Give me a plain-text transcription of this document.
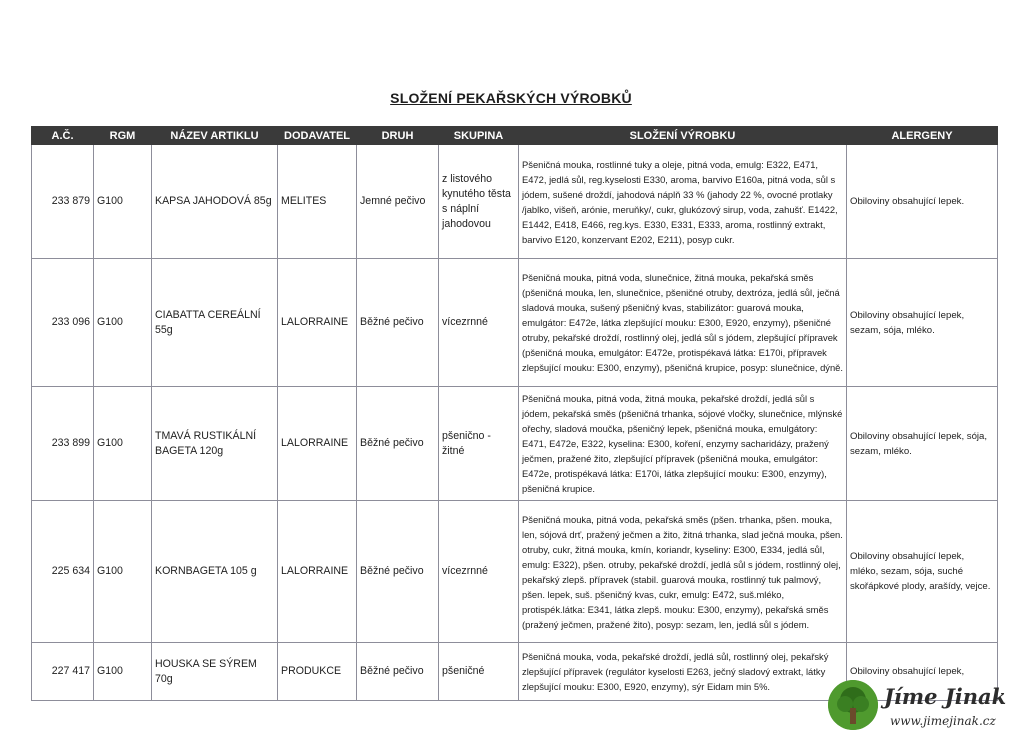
SLOŽENÍ PEKAŘSKÝCH VÝROBKŮ
A.Č.	RGM	NÁZEV ARTIKLU	DODAVATEL	DRUH	SKUPINA	SLOŽENÍ VÝROBKU	ALERGENY
233 879	G100	KAPSA JAHODOVÁ 85g	MELITES	Jemné pečivo	z listového kynutého těsta s náplní jahodovou	Pšeničná mouka, rostlinné tuky a oleje, pitná voda, emulg: E322, E471, E472, jedlá sůl, reg.kyselosti E330, aroma, barvivo E160a, pitná voda, sůl s jódem, sušené droždí, jahodová náplň 33 % (jahody 22 %, ovocné protlaky /jablko, višeň, arónie, meruňky/, cukr, glukózový sirup, voda, zahušť. E1422, E1442, E418, E466, reg.kys. E330, E331, E333, aroma, rostlinný extrakt, barvivo E120, konzervant E202, E211), posyp cukr.	Obiloviny obsahující lepek.
233 096	G100	CIABATTA CEREÁLNÍ 55g	LALORRAINE	Běžné pečivo	vícezrnné	Pšeničná mouka, pitná voda, slunečnice, žitná mouka, pekařská směs (pšeničná mouka, len, slunečnice, pšeničné otruby, dextróza, jedlá sůl, ječná sladová mouka, sušený pšeničný kvas, stabilizátor: guarová mouka, emulgátor: E472e, látka zlepšující mouku: E300, E920, enzymy), pšeničné otruby, pekařské droždí, rostlinný olej, jedlá sůl s jódem, zlepšující přípravek (pšeničná mouka, emulgátor: E472e, protispékavá látka: E170i, přípravek zlepšující mouku: E300, enzymy), pšeničná krupice, posyp: slunečnice, dýně.	Obiloviny obsahující lepek, sezam, sója, mléko.
233 899	G100	TMAVÁ RUSTIKÁLNÍ BAGETA 120g	LALORRAINE	Běžné pečivo	pšenično - žitné	Pšeničná mouka, pitná voda, žitná mouka, pekařské droždí, jedlá sůl s jódem, pekařská směs (pšeničná trhanka, sójové vločky, slunečnice, mlýnské ořechy, sladová moučka, pšeničný lepek, pšeničná mouka, emulgátory: E471, E472e, E322, kyselina: E300, koření, enzymy sacharidázy, pražený ječmen, pražené žito, zlepšující přípravek (pšeničná mouka, emulgátor: E472e, protispékavá látka: E170i, látka zlepšující mouku: E300, enzymy), pšeničná krupice.	Obiloviny obsahující lepek, sója, sezam, mléko.
225 634	G100	KORNBAGETA 105 g	LALORRAINE	Běžné pečivo	vícezrnné	Pšeničná mouka, pitná voda, pekařská směs (pšen. trhanka, pšen. mouka, len, sójová drť, pražený ječmen a žito, žitná trhanka, slad ječná mouka, pšen. otruby, cukr, žitná mouka, kmín, koriandr, kyseliny: E300, E334, jedlá sůl, emulg: E322), pšen. otruby, pekařské droždí, jedlá sůl s jódem, rostlinný olej, pekařský zlepš. přípravek (stabil. guarová mouka, rostlinný tuk palmový, pšen. lepek, suš. pšeničný kvas, cukr, emulg: E472, suš.mléko, protispék.látka: E341, látka zlepš. mouku: E300, enzymy), pekařská směs (pražený ječmen, pražené žito), posyp: sezam, len, jedlá sůl s jódem.	Obiloviny obsahující lepek, mléko, sezam, sója, suché skořápkové plody, arašídy, vejce.
227 417	G100	HOUSKA SE SÝREM 70g	PRODUKCE	Běžné pečivo	pšeničné	Pšeničná mouka, voda, pekařské droždí, jedlá sůl, rostlinný olej, pekařský zlepšující přípravek (regulátor kyselosti E263, ječný sladový extrakt, látky zlepšující mouku: E300, E920, enzymy), sýr Eidam min 5%.	Obiloviny obsahující lepek,
Jíme Jinak
www.jimejinak.cz
